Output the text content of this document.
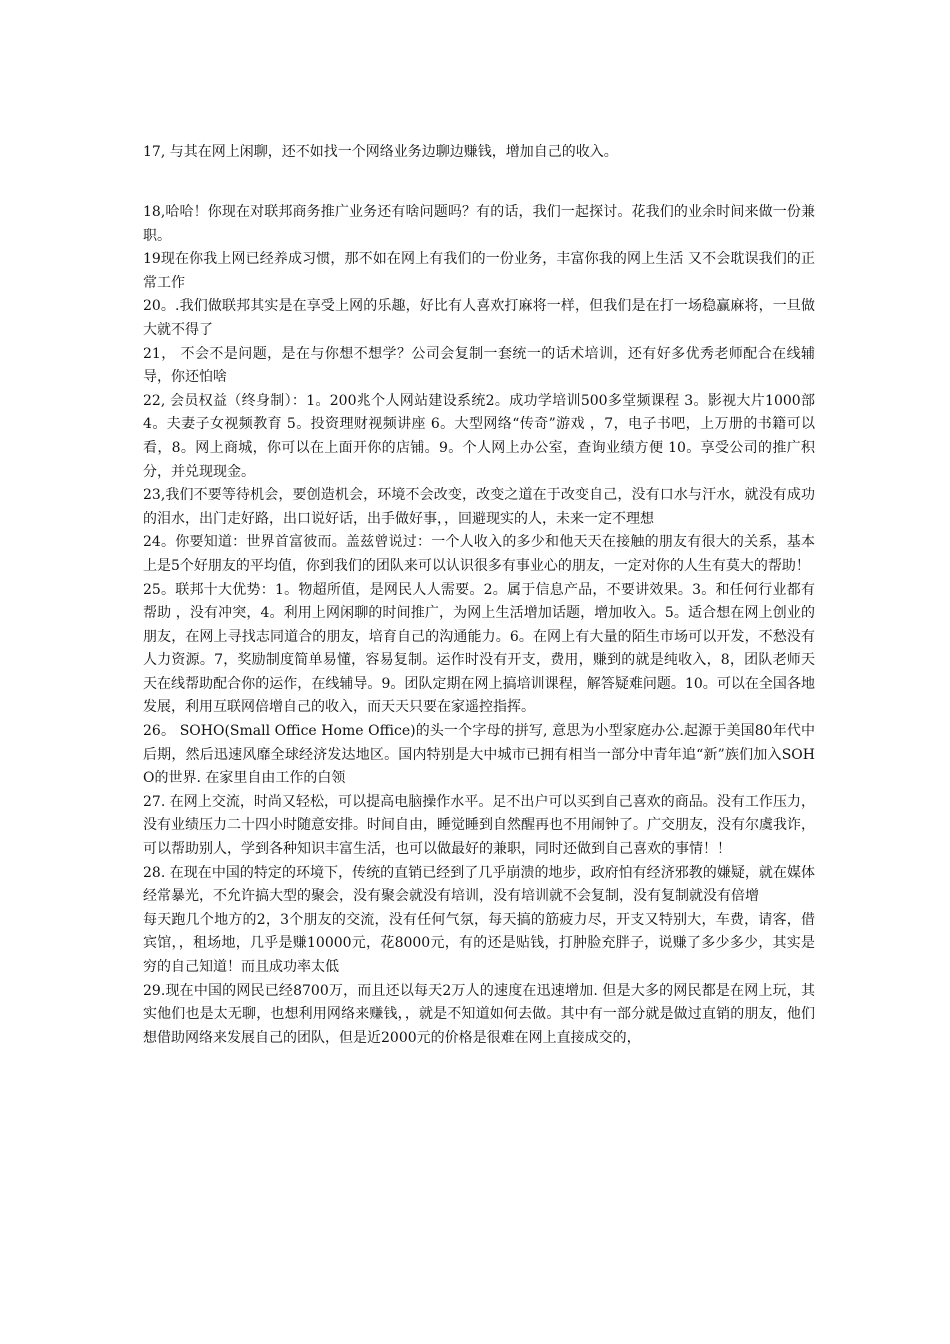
17, 与其在网上闲聊，还不如找一个网络业务边聊边赚钱，增加自己的收入。

18,哈哈！你现在对联邦商务推广业务还有啥问题吗？有的话，我们一起探讨。花我们的业余时间来做一份兼职。

19现在你我上网已经养成习惯，那不如在网上有我们的一份业务，丰富你我的网上生活 又不会耽误我们的正常工作

20。.我们做联邦其实是在享受上网的乐趣，好比有人喜欢打麻将一样，但我们是在打一场稳赢麻将，一旦做大就不得了

21， 不会不是问题，是在与你想不想学？公司会复制一套统一的话术培训，还有好多优秀老师配合在线辅导，你还怕啥

22, 会员权益（终身制）：1。200兆个人网站建设系统2。成功学培训500多堂频课程 3。影视大片1000部 4。夫妻子女视频教育 5。投资理财视频讲座 6。大型网络“传奇”游戏 ，7，电子书吧，上万册的书籍可以看，8。网上商城，你可以在上面开你的店铺。9。个人网上办公室，查询业绩方便 10。享受公司的推广积分，并兑现现金。

23,我们不要等待机会，要创造机会，环境不会改变，改变之道在于改变自己，没有口水与汗水，就没有成功的泪水，出门走好路，出口说好话，出手做好事，，回避现实的人，未来一定不理想

24。你要知道：世界首富彼而。盖兹曾说过：一个人收入的多少和他天天在接触的朋友有很大的关系，基本上是5个好朋友的平均值，你到我们的团队来可以认识很多有事业心的朋友，一定对你的人生有莫大的帮助！

25。联邦十大优势：1。物超所值，是网民人人需要。2。属于信息产品，不要讲效果。3。和任何行业都有帮助 ，没有冲突，4。利用上网闲聊的时间推广，为网上生活增加话题，增加收入。5。适合想在网上创业的朋友，在网上寻找志同道合的朋友，培育自己的沟通能力。6。在网上有大量的陌生市场可以开发，不愁没有人力资源。7，奖励制度简单易懂，容易复制。运作时没有开支，费用，赚到的就是纯收入，8，团队老师天天在线帮助配合你的运作，在线辅导。9。团队定期在网上搞培训课程，解答疑难问题。10。可以在全国各地发展，利用互联网倍增自己的收入，而天天只要在家遥控指挥。

26。 SOHO(Small Office Home Office)的头一个字母的拼写, 意思为小型家庭办公.起源于美国80年代中后期，然后迅速风靡全球经济发达地区。国内特别是大中城市已拥有相当一部分中青年追“新”族们加入SOHO的世界. 在家里自由工作的白领

27. 在网上交流，时尚又轻松，可以提高电脑操作水平。足不出户可以买到自己喜欢的商品。没有工作压力，没有业绩压力二十四小时随意安排。时间自由，睡觉睡到自然醒再也不用闹钟了。广交朋友，没有尔虞我诈，可以帮助别人，学到各种知识丰富生活，也可以做最好的兼职，同时还做到自己喜欢的事情！！

28. 在现在中国的特定的环境下，传统的直销已经到了几乎崩溃的地步，政府怕有经济邪教的嫌疑，就在媒体经常暴光，不允许搞大型的聚会，没有聚会就没有培训，没有培训就不会复制，没有复制就没有倍增

每天跑几个地方的2，3个朋友的交流，没有任何气氛，每天搞的筋疲力尽，开支又特别大，车费，请客，借宾馆，，租场地，几乎是赚10000元，花8000元，有的还是贴钱，打肿脸充胖子，说赚了多少多少，其实是穷的自己知道！而且成功率太低

29.现在中国的网民已经8700万，而且还以每天2万人的速度在迅速增加. 但是大多的网民都是在网上玩，其实他们也是太无聊，也想利用网络来赚钱，，就是不知道如何去做。其中有一部分就是做过直销的朋友，他们想借助网络来发展自己的团队，但是近2000元的价格是很难在网上直接成交的，
